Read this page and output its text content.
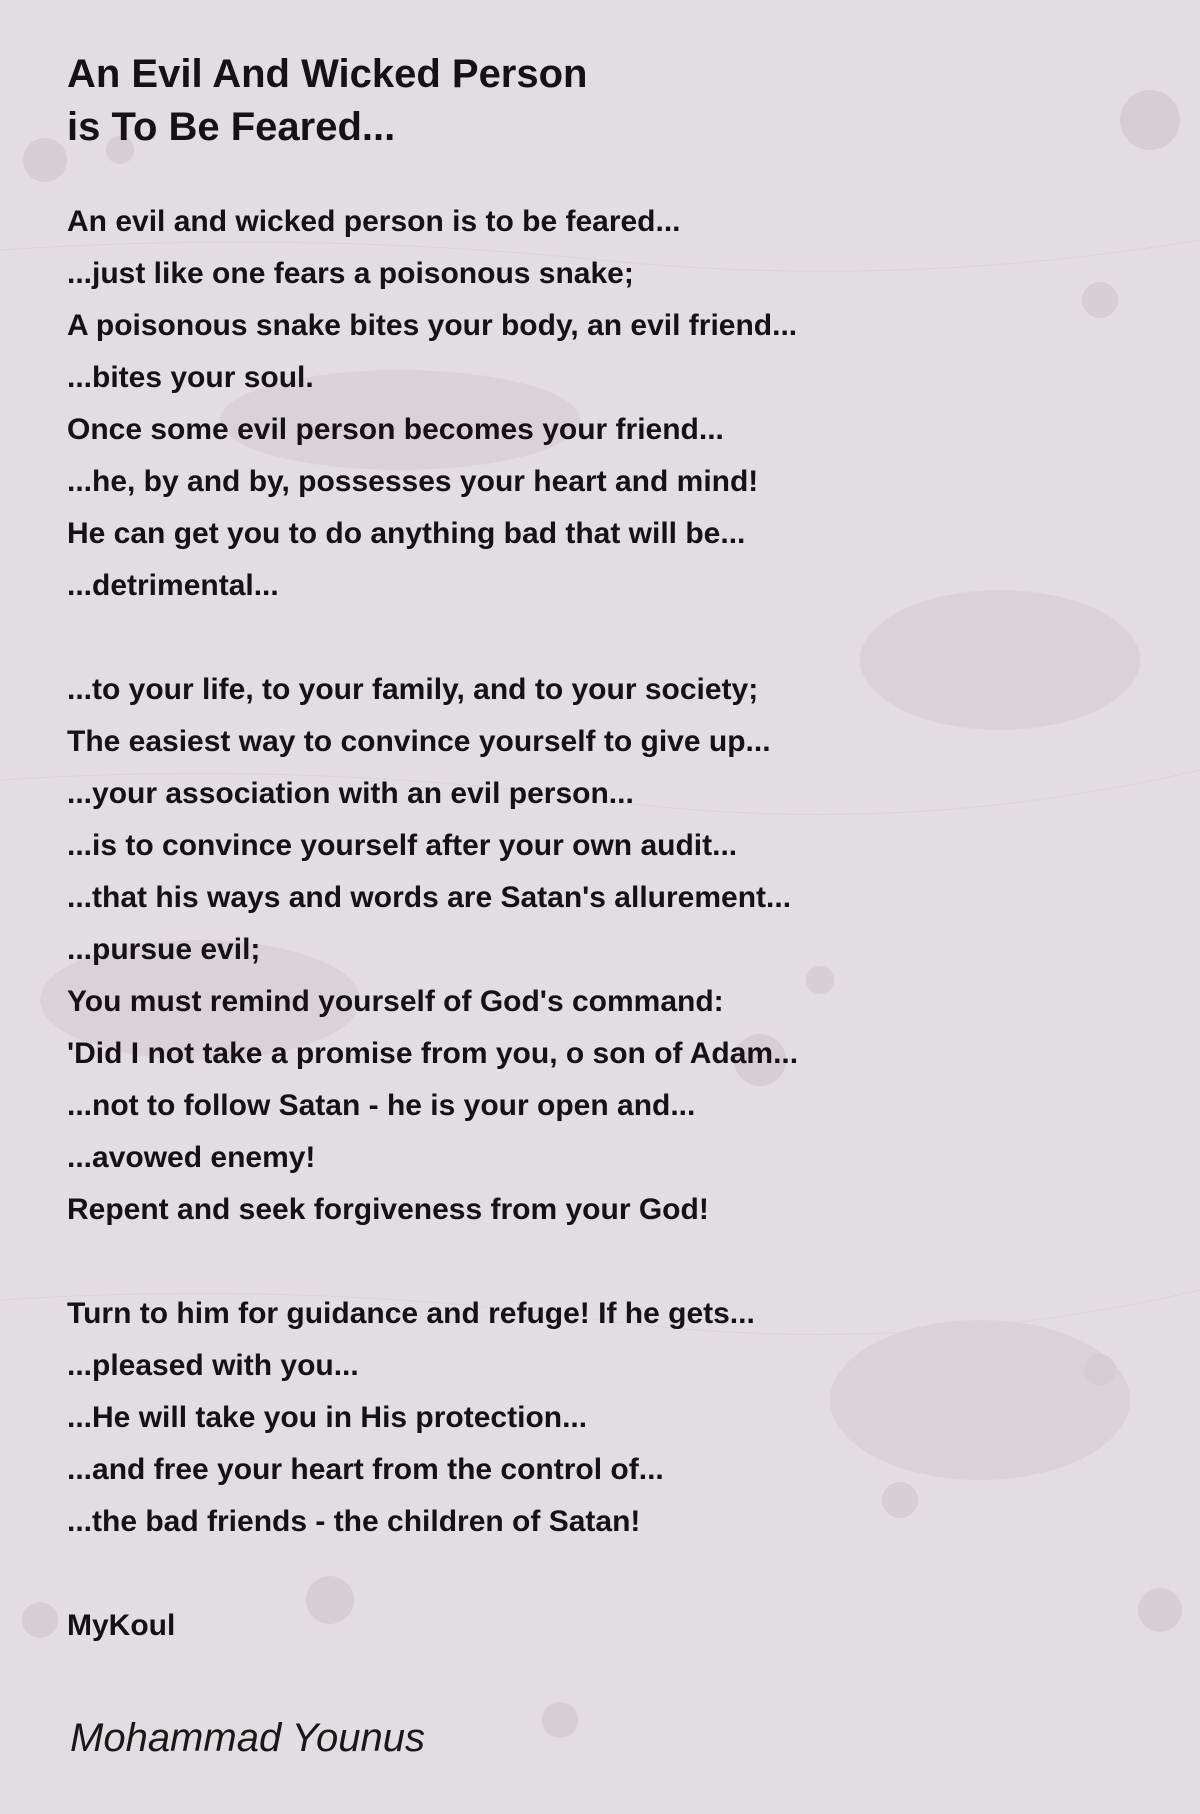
An Evil And Wicked Person
is To Be Feared...
An evil and wicked person is to be feared...
...just like one fears a poisonous snake;
A poisonous snake bites your body, an evil friend...
...bites your soul.
Once some evil person becomes your friend...
...he, by and by, possesses your heart and mind!
He can get you to do anything bad that will be...
...detrimental...
...to your life, to your family, and to your society;
The easiest way to convince yourself to give up...
...your association with an evil person...
...is to convince yourself after your own audit...
...that his ways and words are Satan's allurement...
...pursue evil;
You must remind yourself of God's command:
'Did I not take a promise from you, o son of Adam...
...not to follow Satan - he is your open and...
...avowed enemy!
Repent and seek forgiveness from your God!
Turn to him for guidance and refuge! If he gets...
...pleased with you...
...He will take you in His protection...
...and free your heart from the control of...
...the bad friends - the children of Satan!
MyKoul
Mohammad Younus
